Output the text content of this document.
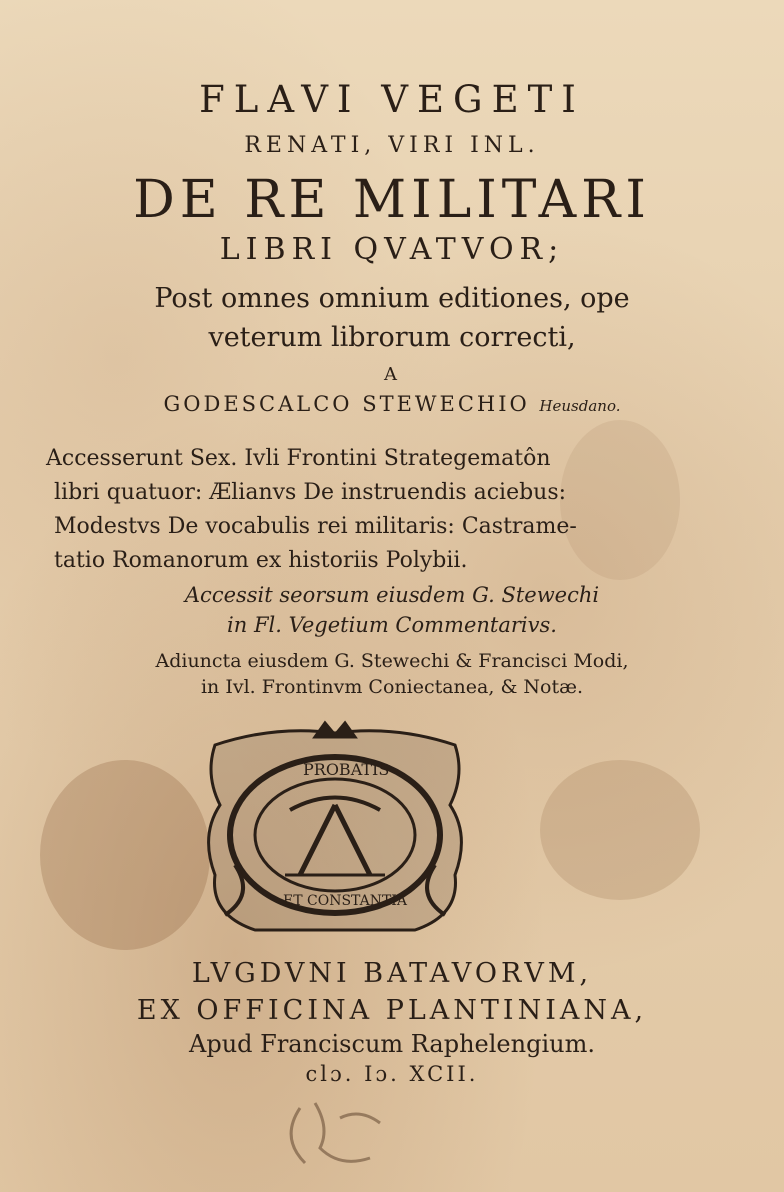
FLAVI VEGETI
RENATI, VIRI INL.
DE RE MILITARI
LIBRI QVATVOR;
Post omnes omnium editiones, ope
veterum librorum correcti,
A
GODESCALCO STEWECHIO Heusdano.
Accesserunt Sex. Ivli Frontini Strategematôn
libri quatuor: Ælianvs De instruendis aciebus:
Modestvs De vocabulis rei militaris: Castrame-
tatio Romanorum ex historiis Polybii.
Accessit seorsum eiusdem G. Stewechi
in Fl. Vegetium Commentarivs.
Adiuncta eiusdem G. Stewechi & Francisci Modi,
in Ivl. Frontinvm Coniectanea, & Notæ.
PROBATIS
ET CONSTANTIA
LVGDVNI BATAVORVM,
EX OFFICINA PLANTINIANA,
Apud Franciscum Raphelengium.
clɔ. Iɔ. XCII.
